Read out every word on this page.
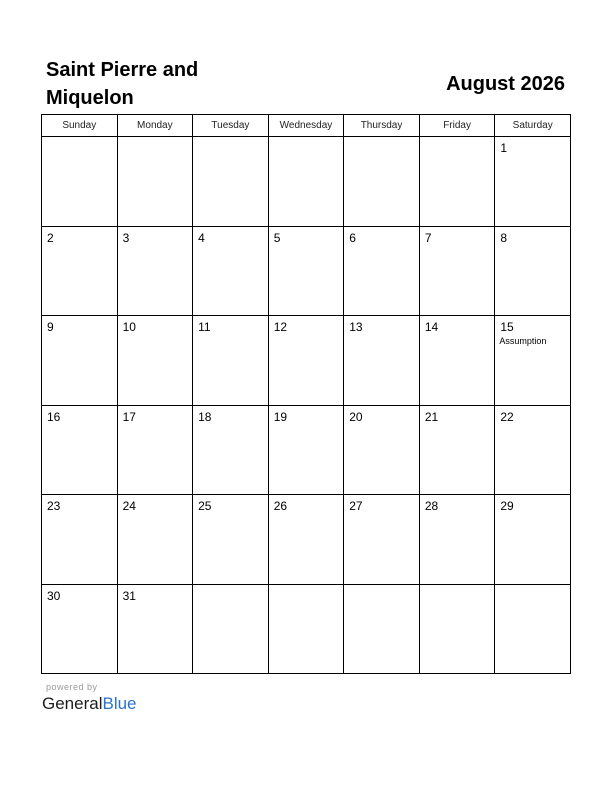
Saint Pierre and Miquelon
August 2026
Sunday	Monday	Tuesday	Wednesday	Thursday	Friday	Saturday

						1

2	3	4	5	6	7	8

9	10	11	12	13	14	15
Assumption

16	17	18	19	20	21	22

23	24	25	26	27	28	29

30	31					

powered by
GeneralBlue
